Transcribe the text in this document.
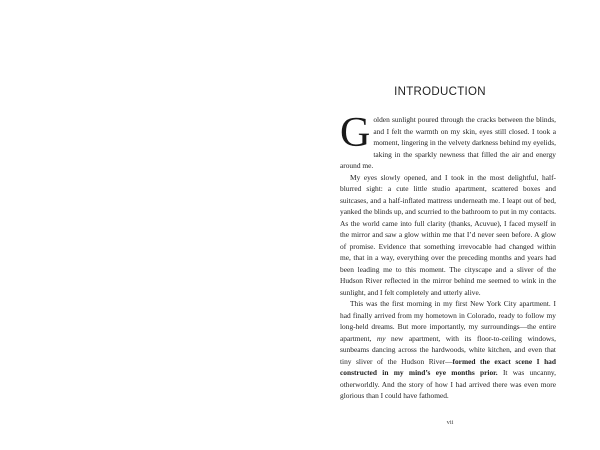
INTRODUCTION

Golden sunlight poured through the cracks between the blinds, and I felt the warmth on my skin, eyes still closed. I took a moment, lingering in the velvety darkness behind my eyelids, taking in the sparkly newness that filled the air and energy around me.

My eyes slowly opened, and I took in the most delightful, half-blurred sight: a cute little studio apartment, scattered boxes and suitcases, and a half-inflated mattress underneath me. I leapt out of bed, yanked the blinds up, and scurried to the bathroom to put in my contacts. As the world came into full clarity (thanks, Acuvue), I faced myself in the mirror and saw a glow within me that I’d never seen before. A glow of promise. Evidence that something irrevocable had changed within me, that in a way, everything over the preceding months and years had been leading me to this moment. The cityscape and a sliver of the Hudson River reflected in the mirror behind me seemed to wink in the sunlight, and I felt completely and utterly alive.

This was the first morning in my first New York City apartment. I had finally arrived from my hometown in Colorado, ready to follow my long-held dreams. But more importantly, my surroundings—the entire apartment, my new apartment, with its floor-to-ceiling windows, sunbeams dancing across the hardwoods, white kitchen, and even that tiny sliver of the Hudson River—formed the exact scene I had constructed in my mind’s eye months prior. It was uncanny, otherworldly. And the story of how I had arrived there was even more glorious than I could have fathomed.

vii
